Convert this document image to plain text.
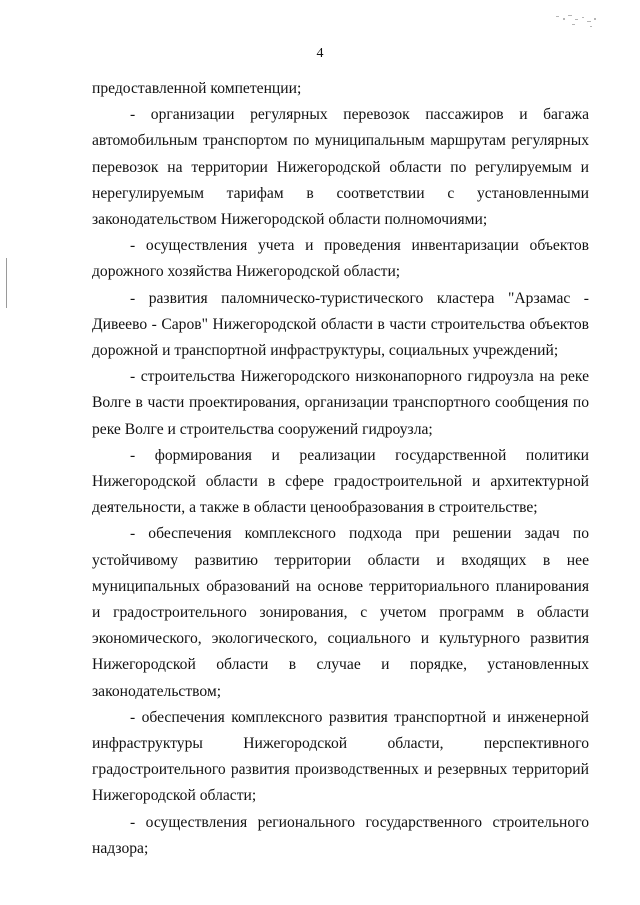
4

предоставленной компетенции;

- организации регулярных перевозок пассажиров и багажа автомобильным транспортом по муниципальным маршрутам регулярных перевозок на территории Нижегородской области по регулируемым и нерегулируемым тарифам в соответствии с установленными законодательством Нижегородской области полномочиями;

- осуществления учета и проведения инвентаризации объектов дорожного хозяйства Нижегородской области;

- развития паломническо-туристического кластера "Арзамас - Дивеево - Саров" Нижегородской области в части строительства объектов дорожной и транспортной инфраструктуры, социальных учреждений;

- строительства Нижегородского низконапорного гидроузла на реке Волге в части проектирования, организации транспортного сообщения по реке Волге и строительства сооружений гидроузла;

- формирования и реализации государственной политики Нижегородской области в сфере градостроительной и архитектурной деятельности, а также в области ценообразования в строительстве;

- обеспечения комплексного подхода при решении задач по устойчивому развитию территории области и входящих в нее муниципальных образований на основе территориального планирования и градостроительного зонирования, с учетом программ в области экономического, экологического, социального и культурного развития Нижегородской области в случае и порядке, установленных законодательством;

- обеспечения комплексного развития транспортной и инженерной инфраструктуры Нижегородской области, перспективного градостроительного развития производственных и резервных территорий Нижегородской области;

- осуществления регионального государственного строительного надзора;
